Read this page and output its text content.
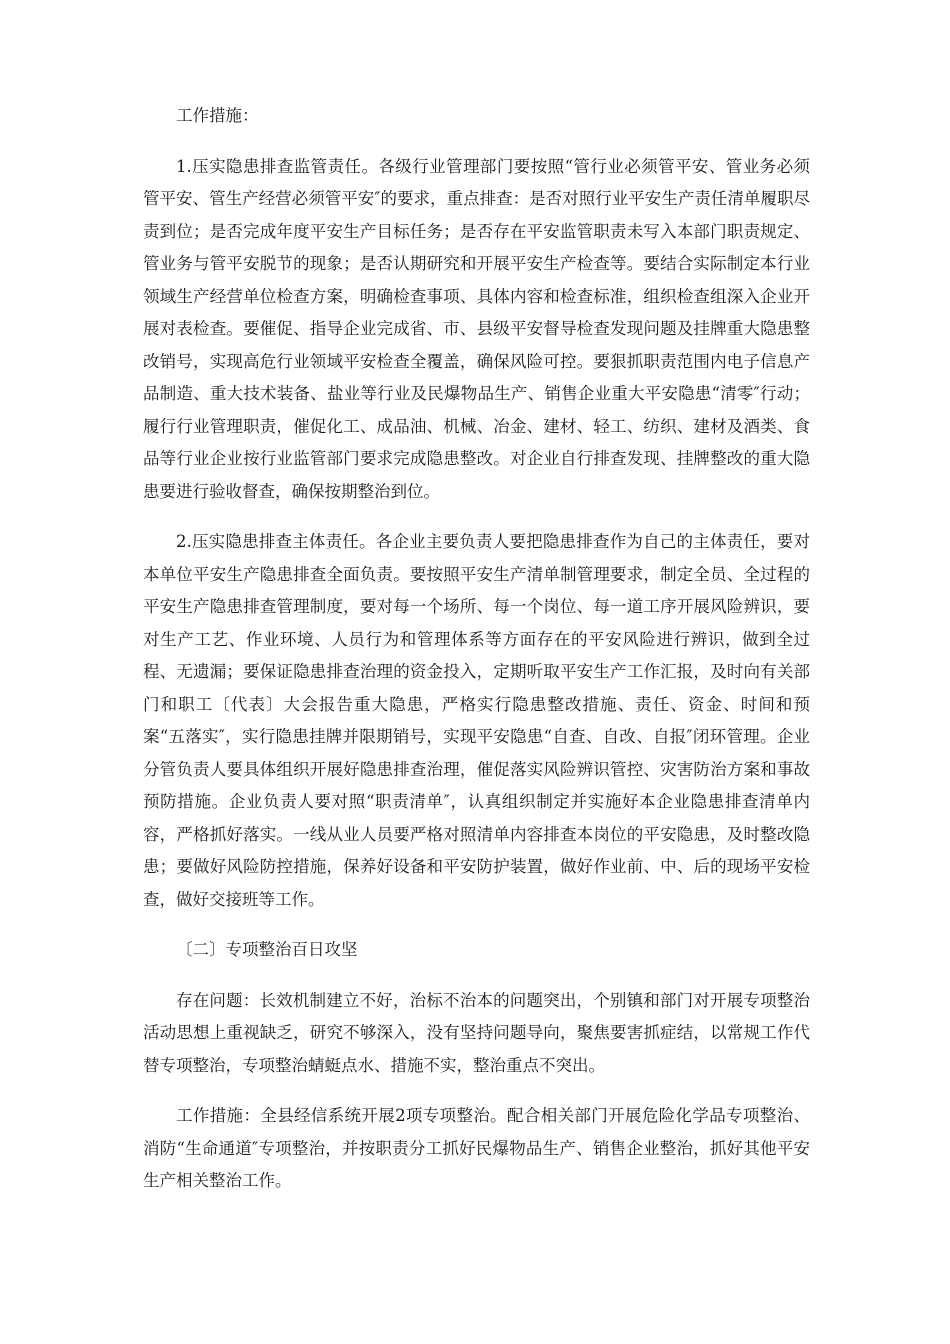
工作措施：

1.压实隐患排查监管责任。各级行业管理部门要按照“管行业必须管平安、管业务必须管平安、管生产经营必须管平安″的要求，重点排查：是否对照行业平安生产责任清单履职尽责到位；是否完成年度平安生产目标任务；是否存在平安监管职责未写入本部门职责规定、管业务与管平安脱节的现象；是否认期研究和开展平安生产检查等。要结合实际制定本行业领域生产经营单位检查方案，明确检查事项、具体内容和检查标准，组织检查组深入企业开展对表检查。要催促、指导企业完成省、市、县级平安督导检查发现问题及挂牌重大隐患整改销号，实现高危行业领域平安检查全覆盖，确保风险可控。要狠抓职责范围内电子信息产品制造、重大技术装备、盐业等行业及民爆物品生产、销售企业重大平安隐患“清零″行动；履行行业管理职责，催促化工、成品油、机械、冶金、建材、轻工、纺织、建材及酒类、食品等行业企业按行业监管部门要求完成隐患整改。对企业自行排查发现、挂牌整改的重大隐患要进行验收督查，确保按期整治到位。

2.压实隐患排查主体责任。各企业主要负责人要把隐患排查作为自己的主体责任，要对本单位平安生产隐患排查全面负责。要按照平安生产清单制管理要求，制定全员、全过程的平安生产隐患排查管理制度，要对每一个场所、每一个岗位、每一道工序开展风险辨识，要对生产工艺、作业环境、人员行为和管理体系等方面存在的平安风险进行辨识，做到全过程、无遗漏；要保证隐患排查治理的资金投入，定期听取平安生产工作汇报，及时向有关部门和职工〔代表〕大会报告重大隐患，严格实行隐患整改措施、责任、资金、时间和预案“五落实″，实行隐患挂牌并限期销号，实现平安隐患“自查、自改、自报″闭环管理。企业分管负责人要具体组织开展好隐患排查治理，催促落实风险辨识管控、灾害防治方案和事故预防措施。企业负责人要对照“职责清单″，认真组织制定并实施好本企业隐患排查清单内容，严格抓好落实。一线从业人员要严格对照清单内容排查本岗位的平安隐患，及时整改隐患；要做好风险防控措施，保养好设备和平安防护装置，做好作业前、中、后的现场平安检查，做好交接班等工作。

〔二〕专项整治百日攻坚

存在问题：长效机制建立不好，治标不治本的问题突出，个别镇和部门对开展专项整治活动思想上重视缺乏，研究不够深入，没有坚持问题导向，聚焦要害抓症结，以常规工作代替专项整治，专项整治蜻蜓点水、措施不实，整治重点不突出。

工作措施：全县经信系统开展2项专项整治。配合相关部门开展危险化学品专项整治、消防“生命通道″专项整治，并按职责分工抓好民爆物品生产、销售企业整治，抓好其他平安生产相关整治工作。
